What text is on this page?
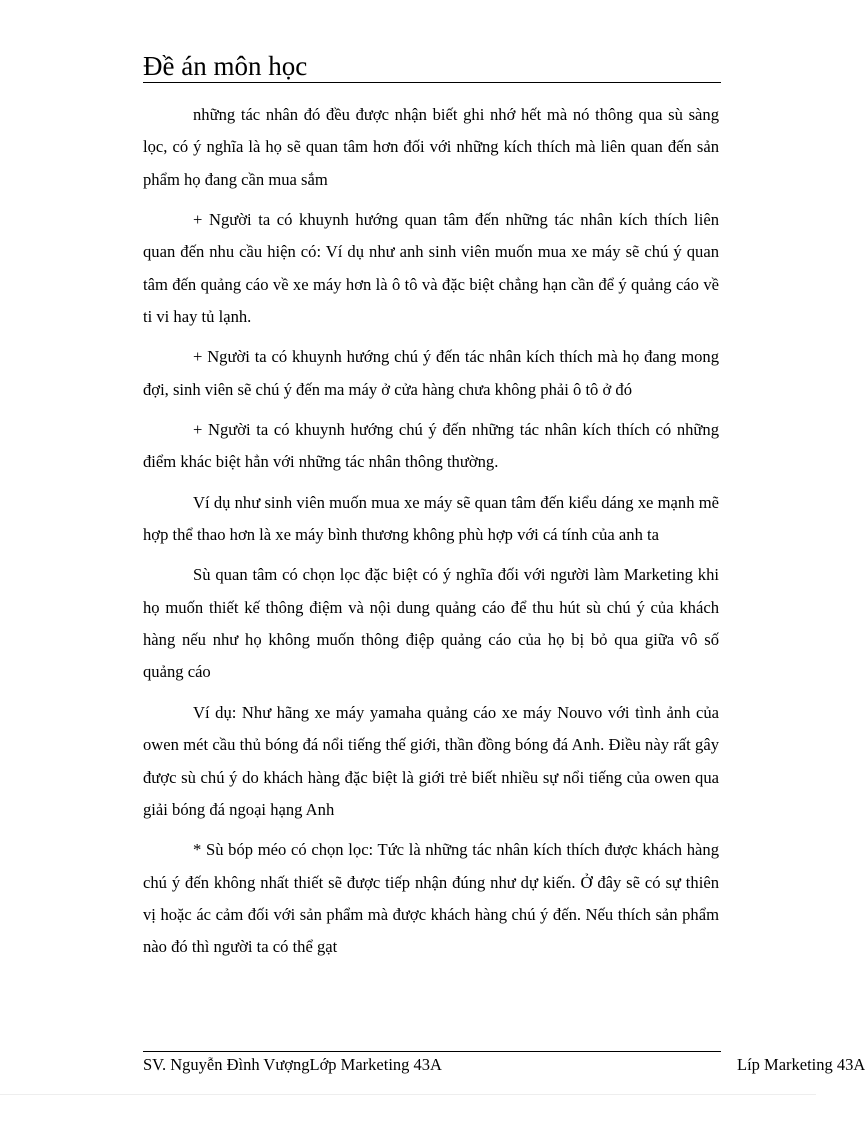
Đề án môn học

những tác nhân đó đều được nhận biết ghi nhớ hết mà nó thông qua sù sàng lọc, có ý nghĩa là họ sẽ quan tâm hơn đối với những kích thích mà liên quan đến sản phẩm họ đang cần mua sắm

+ Người ta có khuynh hướng quan tâm đến những tác nhân kích thích liên quan đến nhu cầu hiện có: Ví dụ như anh sinh viên muốn mua xe máy sẽ chú ý quan tâm đến quảng cáo về xe máy hơn là ô tô và đặc biệt chẳng hạn cần để ý quảng cáo về ti vi hay tủ lạnh.

+ Người ta có khuynh hướng chú ý đến tác nhân kích thích mà họ đang mong đợi, sinh viên sẽ chú ý đến ma máy ở cửa hàng chưa không phải ô tô ở đó

+ Người ta có khuynh hướng chú ý đến những tác nhân kích thích có những điểm khác biệt hẳn với những tác nhân thông thường.

Ví dụ như sinh viên muốn mua xe máy sẽ quan tâm đến kiểu dáng xe mạnh mẽ hợp thể thao hơn là xe máy bình thương không phù hợp với cá tính của anh ta

Sù quan tâm có chọn lọc đặc biệt có ý nghĩa đối với người làm Marketing khi họ muốn thiết kế thông điệm và nội dung quảng cáo để thu hút sù chú ý của khách hàng nếu như họ không muốn thông điệp quảng cáo của họ bị bỏ qua giữa vô số quảng cáo

Ví dụ: Như hãng xe máy yamaha quảng cáo xe máy Nouvo với tình ảnh của owen mét cầu thủ bóng đá nổi tiếng thế giới, thần đồng bóng đá Anh. Điều này rất gây được sù chú ý do khách hàng đặc biệt là giới trẻ biết nhiều sự nổi tiếng của owen qua giải bóng đá ngoại hạng Anh

* Sù bóp méo có chọn lọc: Tức là những tác nhân kích thích được khách hàng chú ý đến không nhất thiết sẽ được tiếp nhận đúng như dự kiến. Ở đây sẽ có sự thiên vị hoặc ác cảm đối với sản phẩm mà được khách hàng chú ý đến. Nếu thích sản phẩm nào đó thì người ta có thể gạt

SV. Nguyễn Đình VượngLớp Marketing 43A	Líp Marketing 43A
